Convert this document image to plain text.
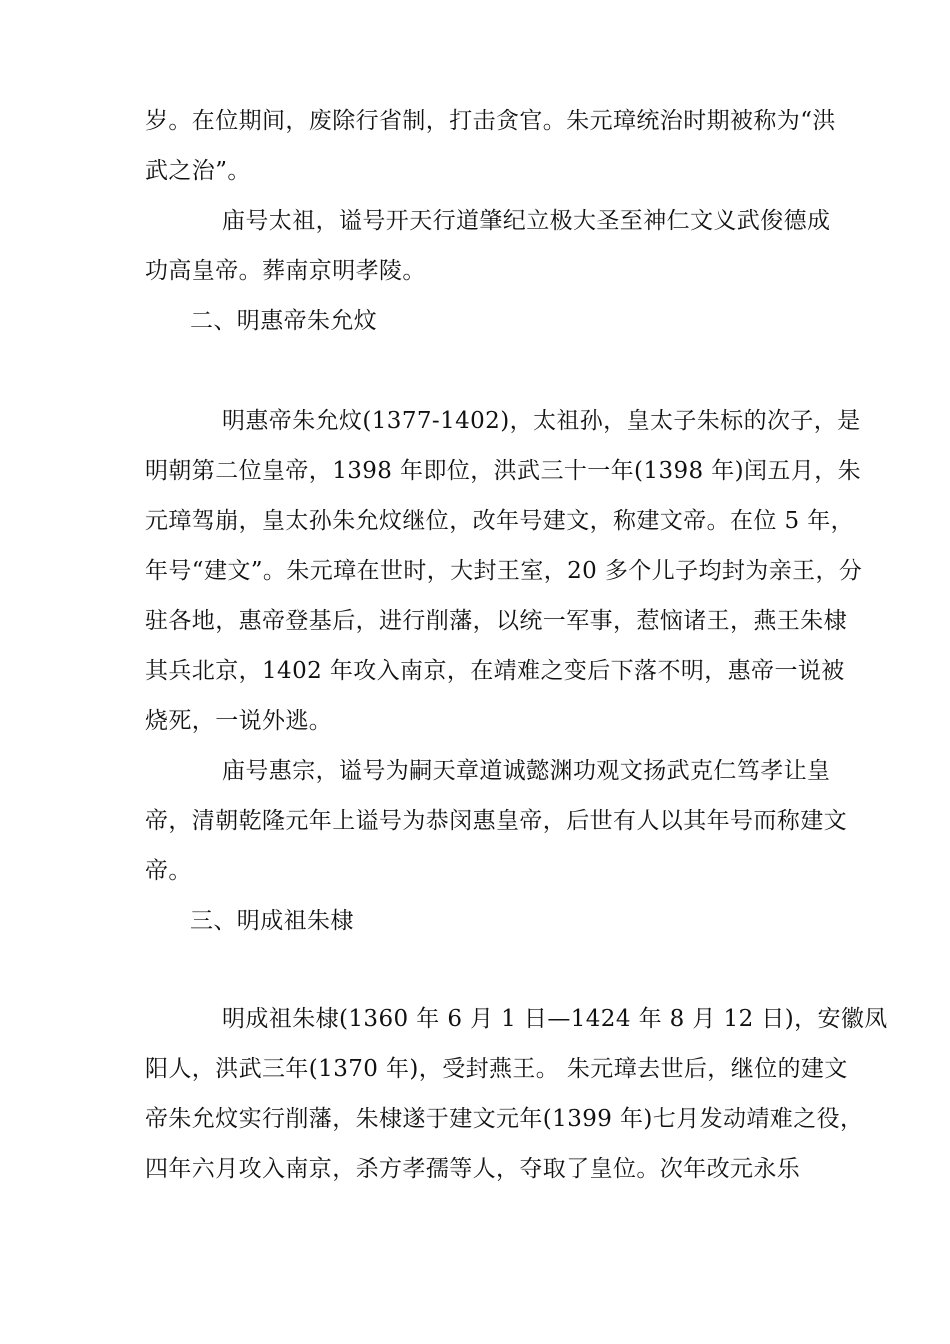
岁。在位期间，废除行省制，打击贪官。朱元璋统治时期被称为“洪
武之治”。
庙号太祖，谥号开天行道肇纪立极大圣至神仁文义武俊德成
功高皇帝。葬南京明孝陵。
二、明惠帝朱允炆
明惠帝朱允炆(1377-1402)，太祖孙，皇太子朱标的次子，是
明朝第二位皇帝，1398 年即位，洪武三十一年(1398 年)闰五月，朱
元璋驾崩，皇太孙朱允炆继位，改年号建文，称建文帝。在位 5 年，
年号“建文”。朱元璋在世时，大封王室，20 多个儿子均封为亲王，分
驻各地，惠帝登基后，进行削藩，以统一军事，惹恼诸王，燕王朱棣
其兵北京，1402 年攻入南京，在靖难之变后下落不明，惠帝一说被
烧死，一说外逃。
庙号惠宗，谥号为嗣天章道诚懿渊功观文扬武克仁笃孝让皇
帝，清朝乾隆元年上谥号为恭闵惠皇帝，后世有人以其年号而称建文
帝。
三、明成祖朱棣
明成祖朱棣(1360 年 6 月 1 日—1424 年 8 月 12 日)，安徽凤
阳人，洪武三年(1370 年)，受封燕王。 朱元璋去世后，继位的建文
帝朱允炆实行削藩，朱棣遂于建文元年(1399 年)七月发动靖难之役，
四年六月攻入南京，杀方孝孺等人，夺取了皇位。次年改元永乐
